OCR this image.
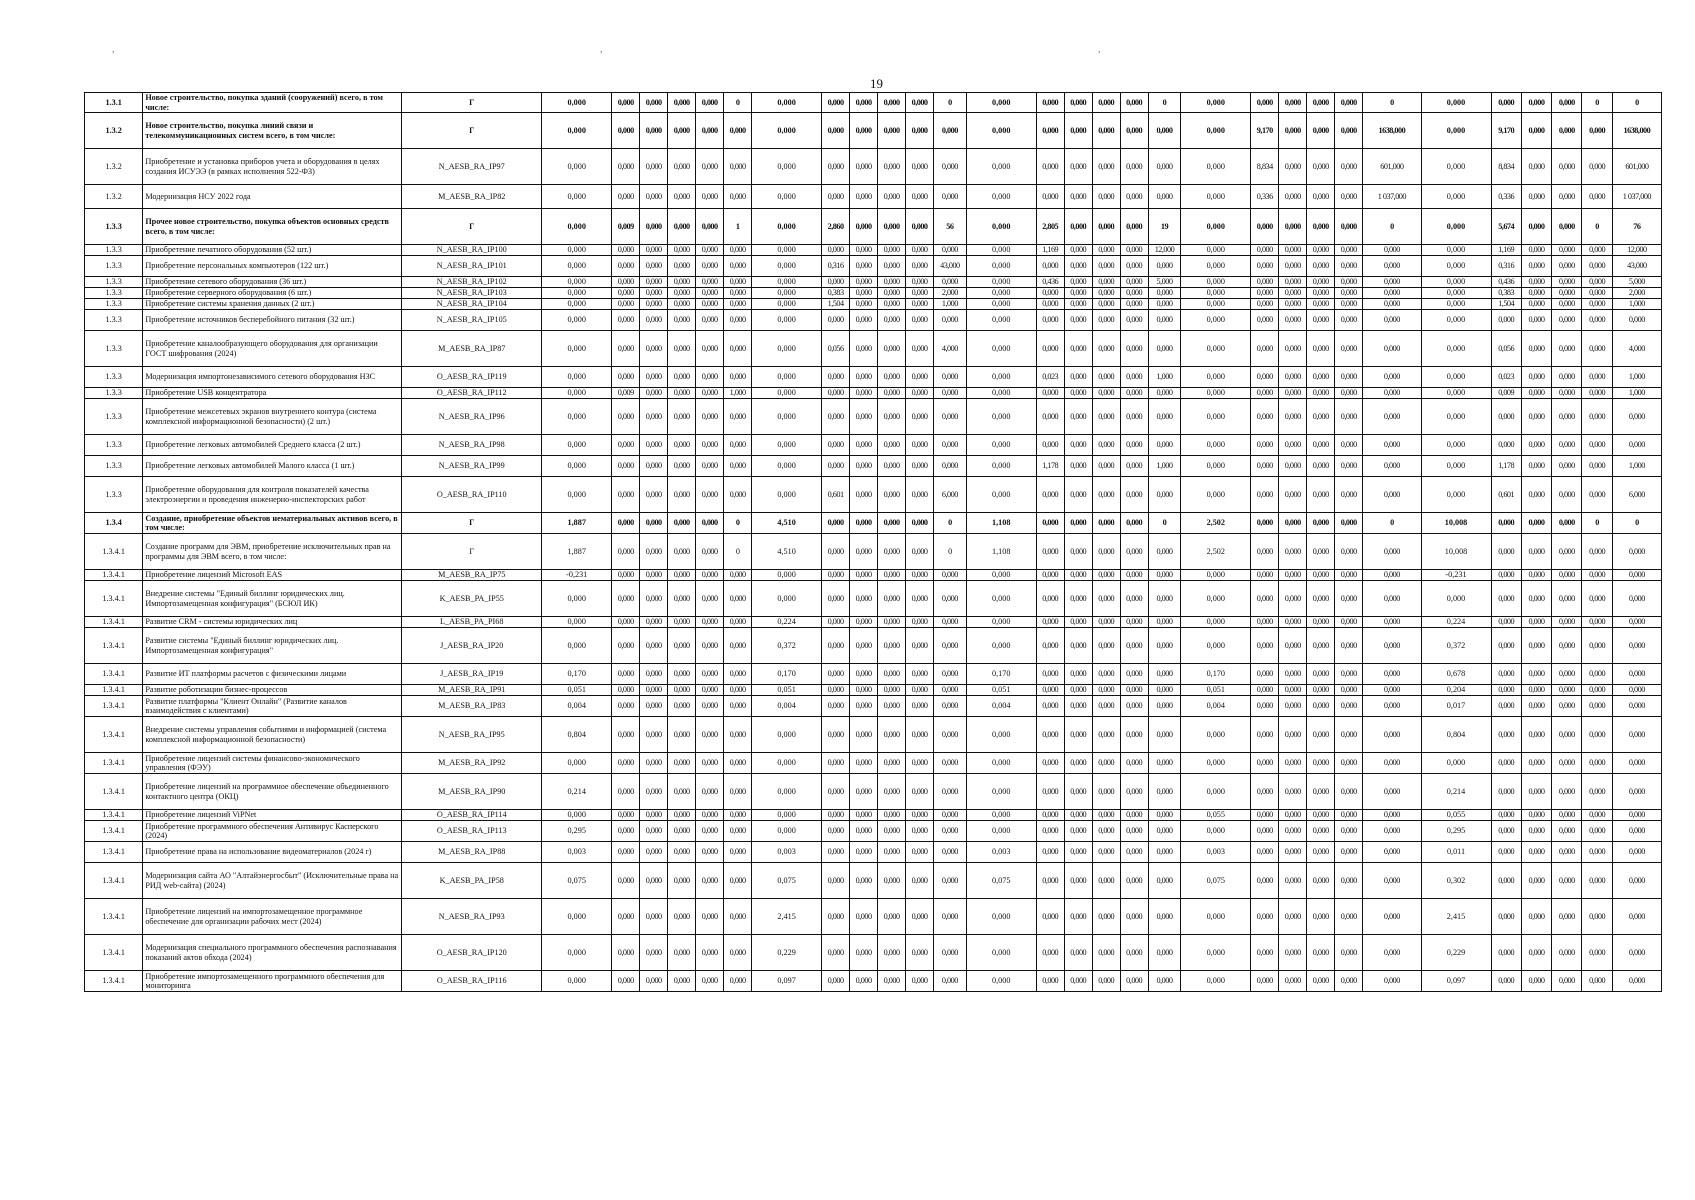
19
1.3.1	Новое строительство, покупка зданий (сооружений) всего, в том числе:	Г	0,000	0,000	0,000	0,000	0,000	0	0,000	0,000	0,000	0,000	0,000	0	0,000	0,000	0,000	0,000	0,000	0	0,000	0,000	0,000	0,000	0,000	0	0,000	0,000	0,000	0,000	0	0
1.3.2	Новое строительство, покупка линий связи и телекоммуникационных систем всего, в том числе:	Г	0,000	0,000	0,000	0,000	0,000	0,000	0,000	0,000	0,000	0,000	0,000	0,000	0,000	0,000	0,000	0,000	0,000	0,000	0,000	9,170	0,000	0,000	0,000	1638,000	0,000	9,170	0,000	0,000	0,000	1638,000
1.3.2	Приобретение и установка приборов учета и оборудования в целях создания ИСУЭЭ (в рамках исполнения 522-ФЗ)	N_AESB_RA_IP97	0,000	0,000	0,000	0,000	0,000	0,000	0,000	0,000	0,000	0,000	0,000	0,000	0,000	0,000	0,000	0,000	0,000	0,000	0,000	8,834	0,000	0,000	0,000	601,000	0,000	8,834	0,000	0,000	0,000	601,000
1.3.2	Модернизация НСУ 2022 года	M_AESB_RA_IP82	0,000	0,000	0,000	0,000	0,000	0,000	0,000	0,000	0,000	0,000	0,000	0,000	0,000	0,000	0,000	0,000	0,000	0,000	0,000	0,336	0,000	0,000	0,000	1 037,000	0,000	0,336	0,000	0,000	0,000	1 037,000
1.3.3	Прочее новое строительство, покупка объектов основных средств всего, в том числе:	Г	0,000	0,009	0,000	0,000	0,000	1	0,000	2,860	0,000	0,000	0,000	56	0,000	2,805	0,000	0,000	0,000	19	0,000	0,000	0,000	0,000	0,000	0	0,000	5,674	0,000	0,000	0	76
1.3.3	Приобретение печатного оборудования (52 шт.)	N_AESB_RA_IP100	0,000	0,000	0,000	0,000	0,000	0,000	0,000	0,000	0,000	0,000	0,000	0,000	0,000	1,169	0,000	0,000	0,000	12,000	0,000	0,000	0,000	0,000	0,000	0,000	0,000	1,169	0,000	0,000	0,000	12,000
1.3.3	Приобретение персональных компьютеров (122 шт.)	N_AESB_RA_IP101	0,000	0,000	0,000	0,000	0,000	0,000	0,000	0,316	0,000	0,000	0,000	43,000	0,000	0,000	0,000	0,000	0,000	0,000	0,000	0,000	0,000	0,000	0,000	0,000	0,000	0,316	0,000	0,000	0,000	43,000
1.3.3	Приобретение сетевого оборудования (36 шт.)	N_AESB_RA_IP102	0,000	0,000	0,000	0,000	0,000	0,000	0,000	0,000	0,000	0,000	0,000	0,000	0,000	0,436	0,000	0,000	0,000	5,000	0,000	0,000	0,000	0,000	0,000	0,000	0,000	0,436	0,000	0,000	0,000	5,000
1.3.3	Приобретение серверного оборудования (6 шт.)	N_AESB_RA_IP103	0,000	0,000	0,000	0,000	0,000	0,000	0,000	0,383	0,000	0,000	0,000	2,000	0,000	0,000	0,000	0,000	0,000	0,000	0,000	0,000	0,000	0,000	0,000	0,000	0,000	0,383	0,000	0,000	0,000	2,000
1.3.3	Приобретение системы хранения данных (2 шт.)	N_AESB_RA_IP104	0,000	0,000	0,000	0,000	0,000	0,000	0,000	1,504	0,000	0,000	0,000	1,000	0,000	0,000	0,000	0,000	0,000	0,000	0,000	0,000	0,000	0,000	0,000	0,000	0,000	1,504	0,000	0,000	0,000	1,000
1.3.3	Приобретение источников бесперебойного питания (32 шт.)	N_AESB_RA_IP105	0,000	0,000	0,000	0,000	0,000	0,000	0,000	0,000	0,000	0,000	0,000	0,000	0,000	0,000	0,000	0,000	0,000	0,000	0,000	0,000	0,000	0,000	0,000	0,000	0,000	0,000	0,000	0,000	0,000	0,000
1.3.3	Приобретение каналообразующего оборудования для организации ГОСТ шифрования (2024)	M_AESB_RA_IP87	0,000	0,000	0,000	0,000	0,000	0,000	0,000	0,056	0,000	0,000	0,000	4,000	0,000	0,000	0,000	0,000	0,000	0,000	0,000	0,000	0,000	0,000	0,000	0,000	0,000	0,056	0,000	0,000	0,000	4,000
1.3.3	Модернизация импортонезависимого сетевого оборудования НЗС	O_AESB_RA_IP119	0,000	0,000	0,000	0,000	0,000	0,000	0,000	0,000	0,000	0,000	0,000	0,000	0,000	0,023	0,000	0,000	0,000	1,000	0,000	0,000	0,000	0,000	0,000	0,000	0,000	0,023	0,000	0,000	0,000	1,000
1.3.3	Приобретение USB концентратора	O_AESB_RA_IP112	0,000	0,009	0,000	0,000	0,000	1,000	0,000	0,000	0,000	0,000	0,000	0,000	0,000	0,000	0,000	0,000	0,000	0,000	0,000	0,000	0,000	0,000	0,000	0,000	0,000	0,009	0,000	0,000	0,000	1,000
1.3.3	Приобретение межсетевых экранов внутреннего контура (система комплексной информационной безопасности) (2 шт.)	N_AESB_RA_IP96	0,000	0,000	0,000	0,000	0,000	0,000	0,000	0,000	0,000	0,000	0,000	0,000	0,000	0,000	0,000	0,000	0,000	0,000	0,000	0,000	0,000	0,000	0,000	0,000	0,000	0,000	0,000	0,000	0,000	0,000
1.3.3	Приобретение легковых автомобилей Среднего класса (2 шт.)	N_AESB_RA_IP98	0,000	0,000	0,000	0,000	0,000	0,000	0,000	0,000	0,000	0,000	0,000	0,000	0,000	0,000	0,000	0,000	0,000	0,000	0,000	0,000	0,000	0,000	0,000	0,000	0,000	0,000	0,000	0,000	0,000	0,000
1.3.3	Приобретение легковых автомобилей Малого класса (1 шт.)	N_AESB_RA_IP99	0,000	0,000	0,000	0,000	0,000	0,000	0,000	0,000	0,000	0,000	0,000	0,000	0,000	1,178	0,000	0,000	0,000	1,000	0,000	0,000	0,000	0,000	0,000	0,000	0,000	1,178	0,000	0,000	0,000	1,000
1.3.3	Приобретение оборудования для контроля показателей качества электроэнергии и проведения инженерно-инспекторских работ	O_AESB_RA_IP110	0,000	0,000	0,000	0,000	0,000	0,000	0,000	0,601	0,000	0,000	0,000	6,000	0,000	0,000	0,000	0,000	0,000	0,000	0,000	0,000	0,000	0,000	0,000	0,000	0,000	0,601	0,000	0,000	0,000	6,000
1.3.4	Создание, приобретение объектов нематериальных активов всего, в том числе:	Г	1,887	0,000	0,000	0,000	0,000	0	4,510	0,000	0,000	0,000	0,000	0	1,108	0,000	0,000	0,000	0,000	0	2,502	0,000	0,000	0,000	0,000	0	10,008	0,000	0,000	0,000	0	0
1.3.4.1	Создание программ для ЭВМ, приобретение исключительных прав на программы для ЭВМ всего, в том числе:	Г	1,887	0,000	0,000	0,000	0,000	0	4,510	0,000	0,000	0,000	0,000	0	1,108	0,000	0,000	0,000	0,000	0,000	2,502	0,000	0,000	0,000	0,000	0,000	10,008	0,000	0,000	0,000	0,000	0,000
1.3.4.1	Приобретение лицензий Microsoft EAS	M_AESB_RA_IP75	-0,231	0,000	0,000	0,000	0,000	0,000	0,000	0,000	0,000	0,000	0,000	0,000	0,000	0,000	0,000	0,000	0,000	0,000	0,000	0,000	0,000	0,000	0,000	0,000	-0,231	0,000	0,000	0,000	0,000	0,000
1.3.4.1	Внедрение системы "Единый биллинг юридических лиц. Импортозамещенная конфигурация" (БСЮЛ ИК)	K_AESB_PA_IP55	0,000	0,000	0,000	0,000	0,000	0,000	0,000	0,000	0,000	0,000	0,000	0,000	0,000	0,000	0,000	0,000	0,000	0,000	0,000	0,000	0,000	0,000	0,000	0,000	0,000	0,000	0,000	0,000	0,000	0,000
1.3.4.1	Развитие CRM - системы юридических лиц	L_AESB_PA_PI68	0,000	0,000	0,000	0,000	0,000	0,000	0,224	0,000	0,000	0,000	0,000	0,000	0,000	0,000	0,000	0,000	0,000	0,000	0,000	0,000	0,000	0,000	0,000	0,000	0,224	0,000	0,000	0,000	0,000	0,000
1.3.4.1	Развитие системы "Единый биллинг юридических лиц. Импортозамещенная конфигурация"	J_AESB_RA_IP20	0,000	0,000	0,000	0,000	0,000	0,000	0,372	0,000	0,000	0,000	0,000	0,000	0,000	0,000	0,000	0,000	0,000	0,000	0,000	0,000	0,000	0,000	0,000	0,000	0,372	0,000	0,000	0,000	0,000	0,000
1.3.4.1	Развитие ИТ платформы расчетов с физическими лицами	J_AESB_RA_IP19	0,170	0,000	0,000	0,000	0,000	0,000	0,170	0,000	0,000	0,000	0,000	0,000	0,170	0,000	0,000	0,000	0,000	0,000	0,170	0,000	0,000	0,000	0,000	0,000	0,678	0,000	0,000	0,000	0,000	0,000
1.3.4.1	Развитие роботизации бизнес-процессов	M_AESB_RA_IP91	0,051	0,000	0,000	0,000	0,000	0,000	0,051	0,000	0,000	0,000	0,000	0,000	0,051	0,000	0,000	0,000	0,000	0,000	0,051	0,000	0,000	0,000	0,000	0,000	0,204	0,000	0,000	0,000	0,000	0,000
1.3.4.1	Развитие платформы "Клиент Онлайн" (Развитие каналов взаимодействия с клиентами)	M_AESB_RA_IP83	0,004	0,000	0,000	0,000	0,000	0,000	0,004	0,000	0,000	0,000	0,000	0,000	0,004	0,000	0,000	0,000	0,000	0,000	0,004	0,000	0,000	0,000	0,000	0,000	0,017	0,000	0,000	0,000	0,000	0,000
1.3.4.1	Внедрение системы управления событиями и информацией (система комплексной информационной безопасности)	N_AESB_RA_IP95	0,804	0,000	0,000	0,000	0,000	0,000	0,000	0,000	0,000	0,000	0,000	0,000	0,000	0,000	0,000	0,000	0,000	0,000	0,000	0,000	0,000	0,000	0,000	0,000	0,804	0,000	0,000	0,000	0,000	0,000
1.3.4.1	Приобретение лицензий системы финансово-экономического управления (ФЭУ)	M_AESB_RA_IP92	0,000	0,000	0,000	0,000	0,000	0,000	0,000	0,000	0,000	0,000	0,000	0,000	0,000	0,000	0,000	0,000	0,000	0,000	0,000	0,000	0,000	0,000	0,000	0,000	0,000	0,000	0,000	0,000	0,000	0,000
1.3.4.1	Приобретение лицензий на программное обеспечение объединенного контактного центра (ОКЦ)	M_AESB_RA_IP90	0,214	0,000	0,000	0,000	0,000	0,000	0,000	0,000	0,000	0,000	0,000	0,000	0,000	0,000	0,000	0,000	0,000	0,000	0,000	0,000	0,000	0,000	0,000	0,000	0,214	0,000	0,000	0,000	0,000	0,000
1.3.4.1	Приобретение лицензий ViPNet	O_AESB_RA_IP114	0,000	0,000	0,000	0,000	0,000	0,000	0,000	0,000	0,000	0,000	0,000	0,000	0,000	0,000	0,000	0,000	0,000	0,000	0,055	0,000	0,000	0,000	0,000	0,000	0,055	0,000	0,000	0,000	0,000	0,000
1.3.4.1	Приобретение программного обеспечения Антивирус Касперского (2024)	O_AESB_RA_IP113	0,295	0,000	0,000	0,000	0,000	0,000	0,000	0,000	0,000	0,000	0,000	0,000	0,000	0,000	0,000	0,000	0,000	0,000	0,000	0,000	0,000	0,000	0,000	0,000	0,295	0,000	0,000	0,000	0,000	0,000
1.3.4.1	Приобретение права на использование видеоматериалов (2024 г)	M_AESB_RA_IP88	0,003	0,000	0,000	0,000	0,000	0,000	0,003	0,000	0,000	0,000	0,000	0,000	0,003	0,000	0,000	0,000	0,000	0,000	0,003	0,000	0,000	0,000	0,000	0,000	0,011	0,000	0,000	0,000	0,000	0,000
1.3.4.1	Модернизация сайта АО "Алтайэнергосбыт" (Исключительные права на РИД web-сайта) (2024)	K_AESB_PA_IP58	0,075	0,000	0,000	0,000	0,000	0,000	0,075	0,000	0,000	0,000	0,000	0,000	0,075	0,000	0,000	0,000	0,000	0,000	0,075	0,000	0,000	0,000	0,000	0,000	0,302	0,000	0,000	0,000	0,000	0,000
1.3.4.1	Приобретение лицензий на импортозамещенное программное обеспечение для организации рабочих мест (2024)	N_AESB_RA_IP93	0,000	0,000	0,000	0,000	0,000	0,000	2,415	0,000	0,000	0,000	0,000	0,000	0,000	0,000	0,000	0,000	0,000	0,000	0,000	0,000	0,000	0,000	0,000	0,000	2,415	0,000	0,000	0,000	0,000	0,000
1.3.4.1	Модернизация специального программного обеспечения распознавания показаний актов обхода (2024)	O_AESB_RA_IP120	0,000	0,000	0,000	0,000	0,000	0,000	0,229	0,000	0,000	0,000	0,000	0,000	0,000	0,000	0,000	0,000	0,000	0,000	0,000	0,000	0,000	0,000	0,000	0,000	0,229	0,000	0,000	0,000	0,000	0,000
1.3.4.1	Приобретение импортозамещенного программного обеспечения для мониторинга	O_AESB_RA_IP116	0,000	0,000	0,000	0,000	0,000	0,000	0,097	0,000	0,000	0,000	0,000	0,000	0,000	0,000	0,000	0,000	0,000	0,000	0,000	0,000	0,000	0,000	0,000	0,000	0,097	0,000	0,000	0,000	0,000	0,000
,	,	,
